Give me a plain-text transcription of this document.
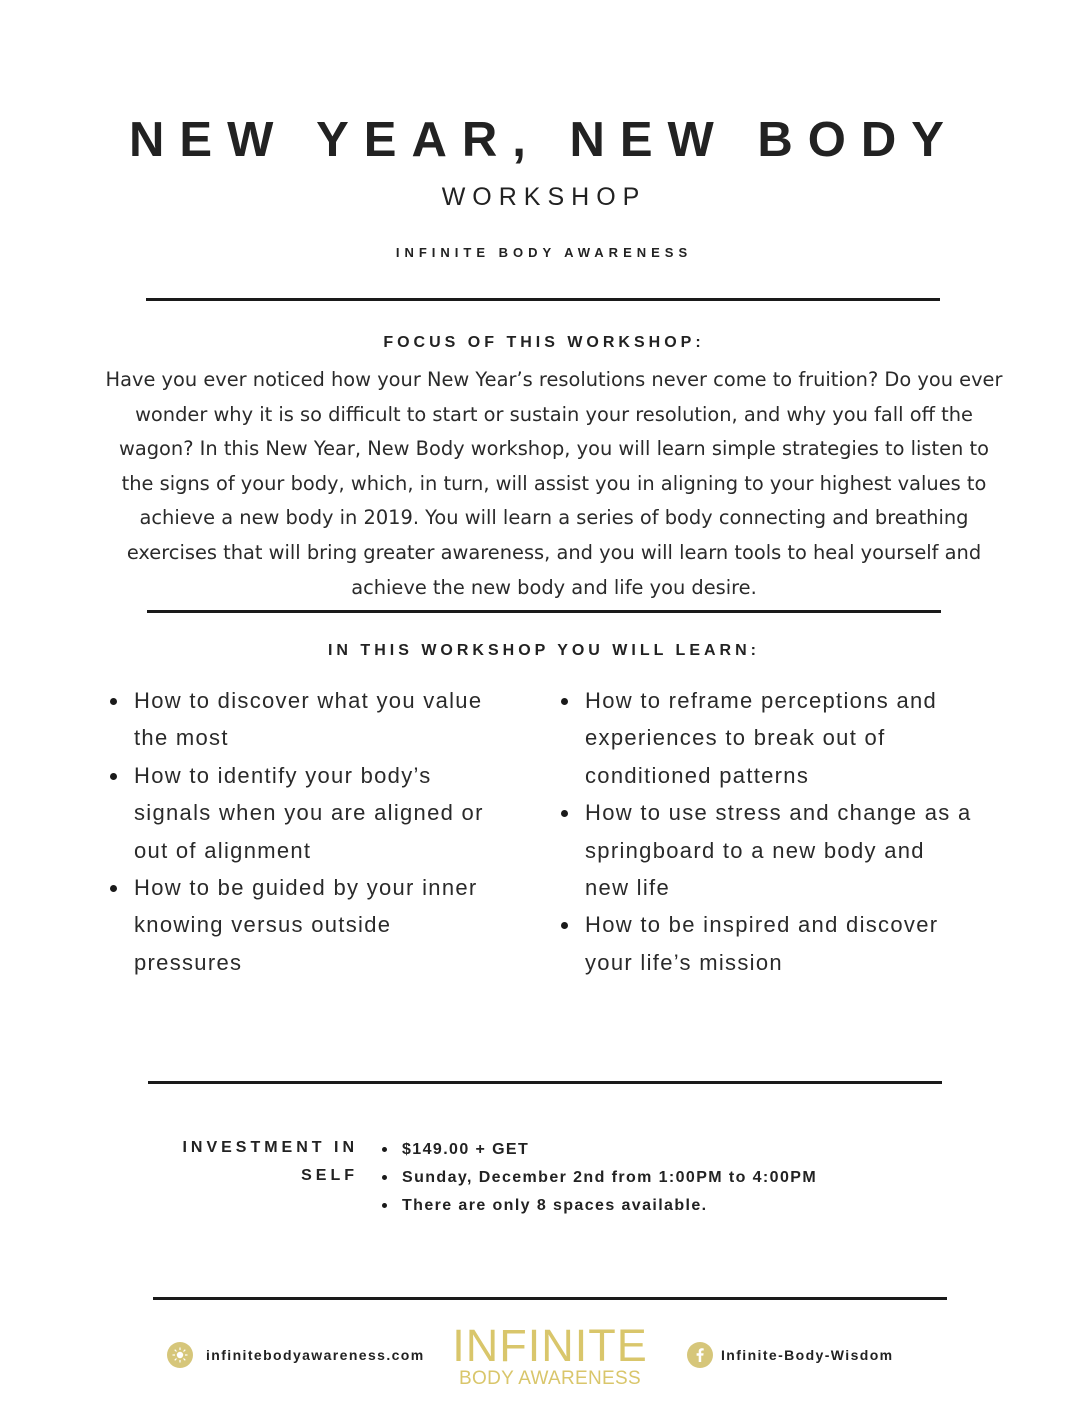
NEW YEAR, NEW BODY
WORKSHOP
INFINITE BODY AWARENESS
FOCUS OF THIS WORKSHOP:
Have you ever noticed how your New Year’s resolutions never come to fruition? Do you ever
wonder why it is so difficult to start or sustain your resolution, and why you fall off the
wagon? In this New Year, New Body workshop, you will learn simple strategies to listen to
the signs of your body, which, in turn, will assist you in aligning to your highest values to
achieve a new body in 2019. You will learn a series of body connecting and breathing
exercises that will bring greater awareness, and you will learn tools to heal yourself and
achieve the new body and life you desire.
IN THIS WORKSHOP YOU WILL LEARN:
How to discover what you value
the most
How to identify your body’s
signals when you are aligned or
out of alignment
How to be guided by your inner
knowing versus outside
pressures
How to reframe perceptions and
experiences to break out of
conditioned patterns
How to use stress and change as a
springboard to a new body and
new life
How to be inspired and discover
your life’s mission
INVESTMENT IN
SELF
$149.00 + GET
Sunday, December 2nd from 1:00PM to 4:00PM
There are only 8 spaces available.
infinitebodyawareness.com INFINITE
BODY AWARENESS
Infinite-Body-Wisdom
